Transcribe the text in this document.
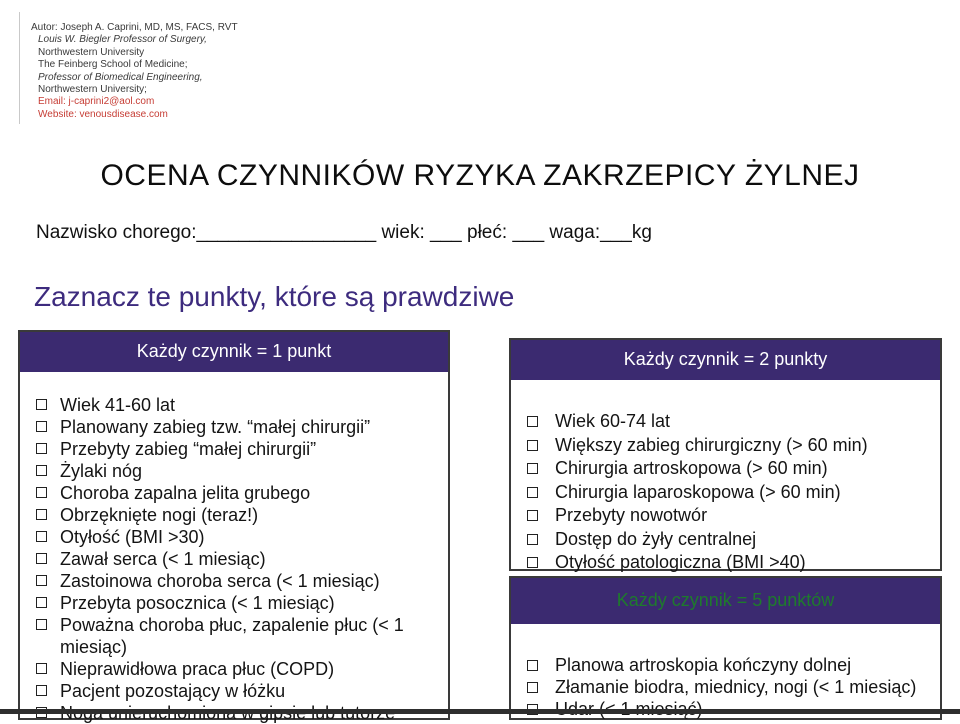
Autor: Joseph A. Caprini, MD, MS, FACS, RVT
Louis W. Biegler Professor of Surgery,
Northwestern University
The Feinberg School of Medicine;
Professor of Biomedical Engineering,
Northwestern University;
Email: j-caprini2@aol.com
Website: venousdisease.com
OCENA CZYNNIKÓW RYZYKA ZAKRZEPICY ŻYLNEJ
Nazwisko chorego:_________________ wiek: ___ płeć: ___ waga:___kg
Zaznacz te punkty, które są prawdziwe
Każdy czynnik = 1 punkt
Wiek 41-60 lat
Planowany zabieg tzw. “małej chirurgii”
Przebyty zabieg “małej chirurgii”
Żylaki nóg
Choroba zapalna jelita grubego
Obrzęknięte nogi (teraz!)
Otyłość (BMI >30)
Zawał serca (< 1 miesiąc)
Zastoinowa choroba serca (< 1 miesiąc)
Przebyta posocznica (< 1 miesiąc)
Poważna choroba płuc, zapalenie płuc (< 1 miesiąc)
Nieprawidłowa praca płuc (COPD)
Pacjent pozostający w łóżku
Każdy czynnik = 2 punkty
Wiek 60-74 lat
Większy zabieg chirurgiczny (> 60 min)
Chirurgia artroskopowa (> 60 min)
Chirurgia laparoskopowa (> 60 min)
Przebyty nowotwór
Dostęp do żyły centralnej
Otyłość patologiczna (BMI >40)
Każdy czynnik = 5 punktów
Planowa artroskopia kończyny dolnej
Złamanie biodra, miednicy, nogi (< 1 miesiąc)
